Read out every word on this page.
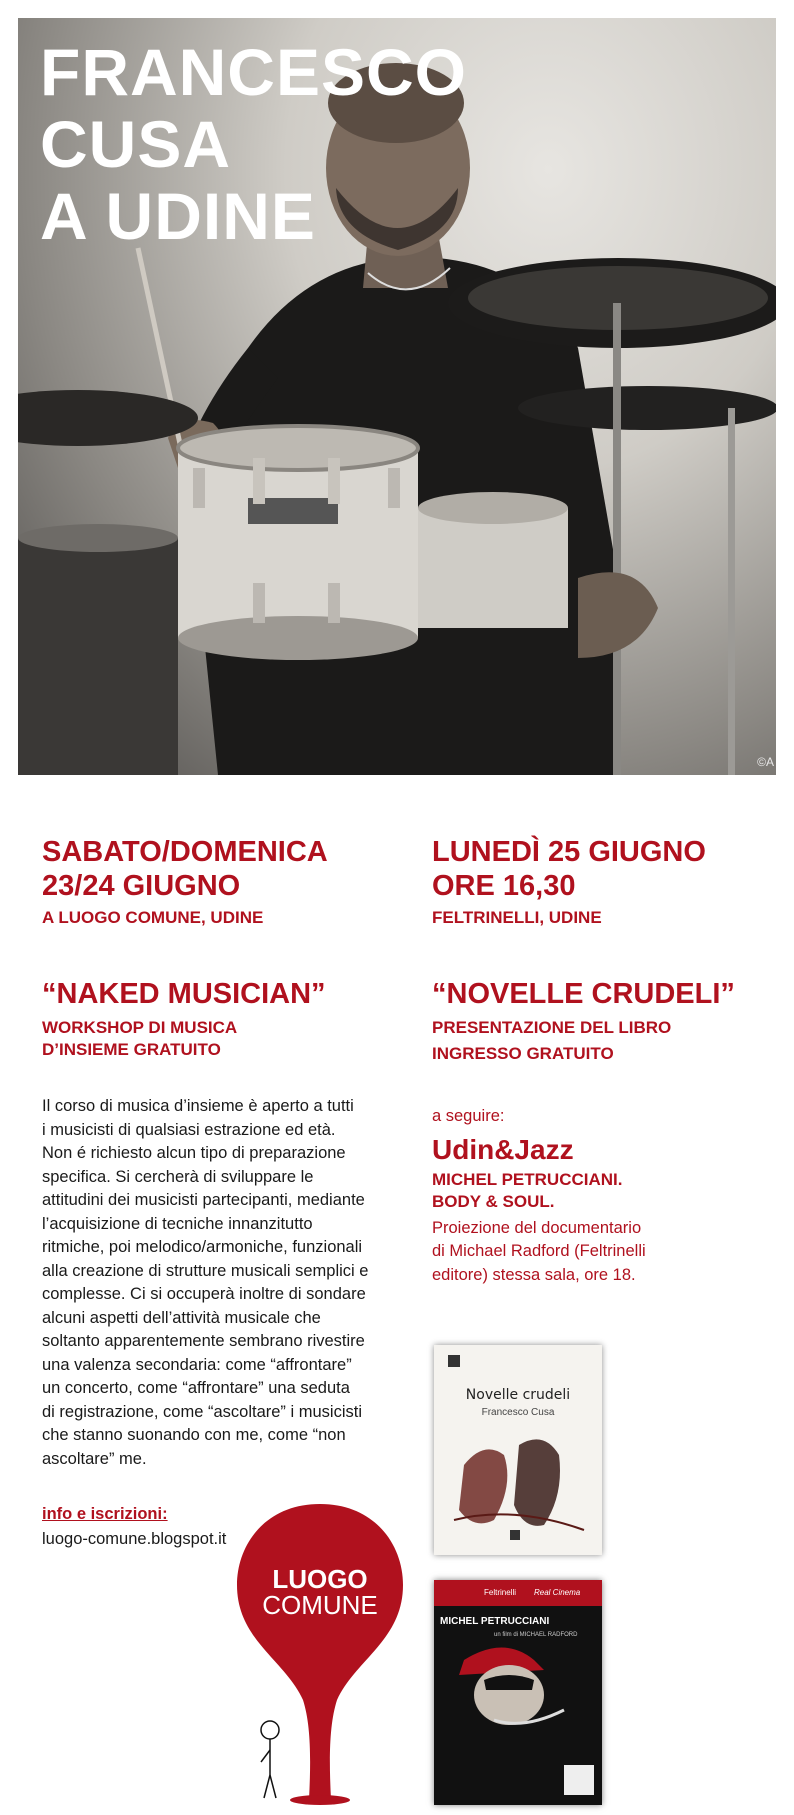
FRANCESCO
CUSA
A UDINE
©A

SABATO/DOMENICA

23/24 GIUGNO

A LUOGO COMUNE, UDINE

“NAKED MUSICIAN”

WORKSHOP DI MUSICA

D’INSIEME GRATUITO

Il corso di musica d’insieme è aperto a tutti

i musicisti di qualsiasi estrazione ed età.

Non é richiesto alcun tipo di preparazione

specifica. Si cercherà di sviluppare le

attitudini dei musicisti partecipanti, mediante

l’acquisizione di tecniche innanzitutto

ritmiche, poi melodico/armoniche, funzionali

alla creazione di strutture musicali semplici e

complesse. Ci si occuperà inoltre di sondare

alcuni aspetti dell’attività musicale che

soltanto apparentemente sembrano rivestire

una valenza secondaria: come “affrontare”

un concerto, come “affrontare” una seduta

di registrazione, come “ascoltare” i musicisti

che stanno suonando con me, come “non

ascoltare” me.

info e iscrizioni:

luogo-comune.blogspot.it

LUOGO
COMUNE

LUNEDÌ 25 GIUGNO

ORE 16,30

FELTRINELLI, UDINE

“NOVELLE CRUDELI”

PRESENTAZIONE DEL LIBRO

INGRESSO GRATUITO

a seguire:

Udin&Jazz

MICHEL PETRUCCIANI.

BODY & SOUL.

Proiezione del documentario

di Michael Radford (Feltrinelli

editore) stessa sala, ore 18.

Novelle crudeli
Francesco Cusa
Feltrinelli Real Cinema
MICHEL PETRUCCIANI
un film di MICHAEL RADFORD
